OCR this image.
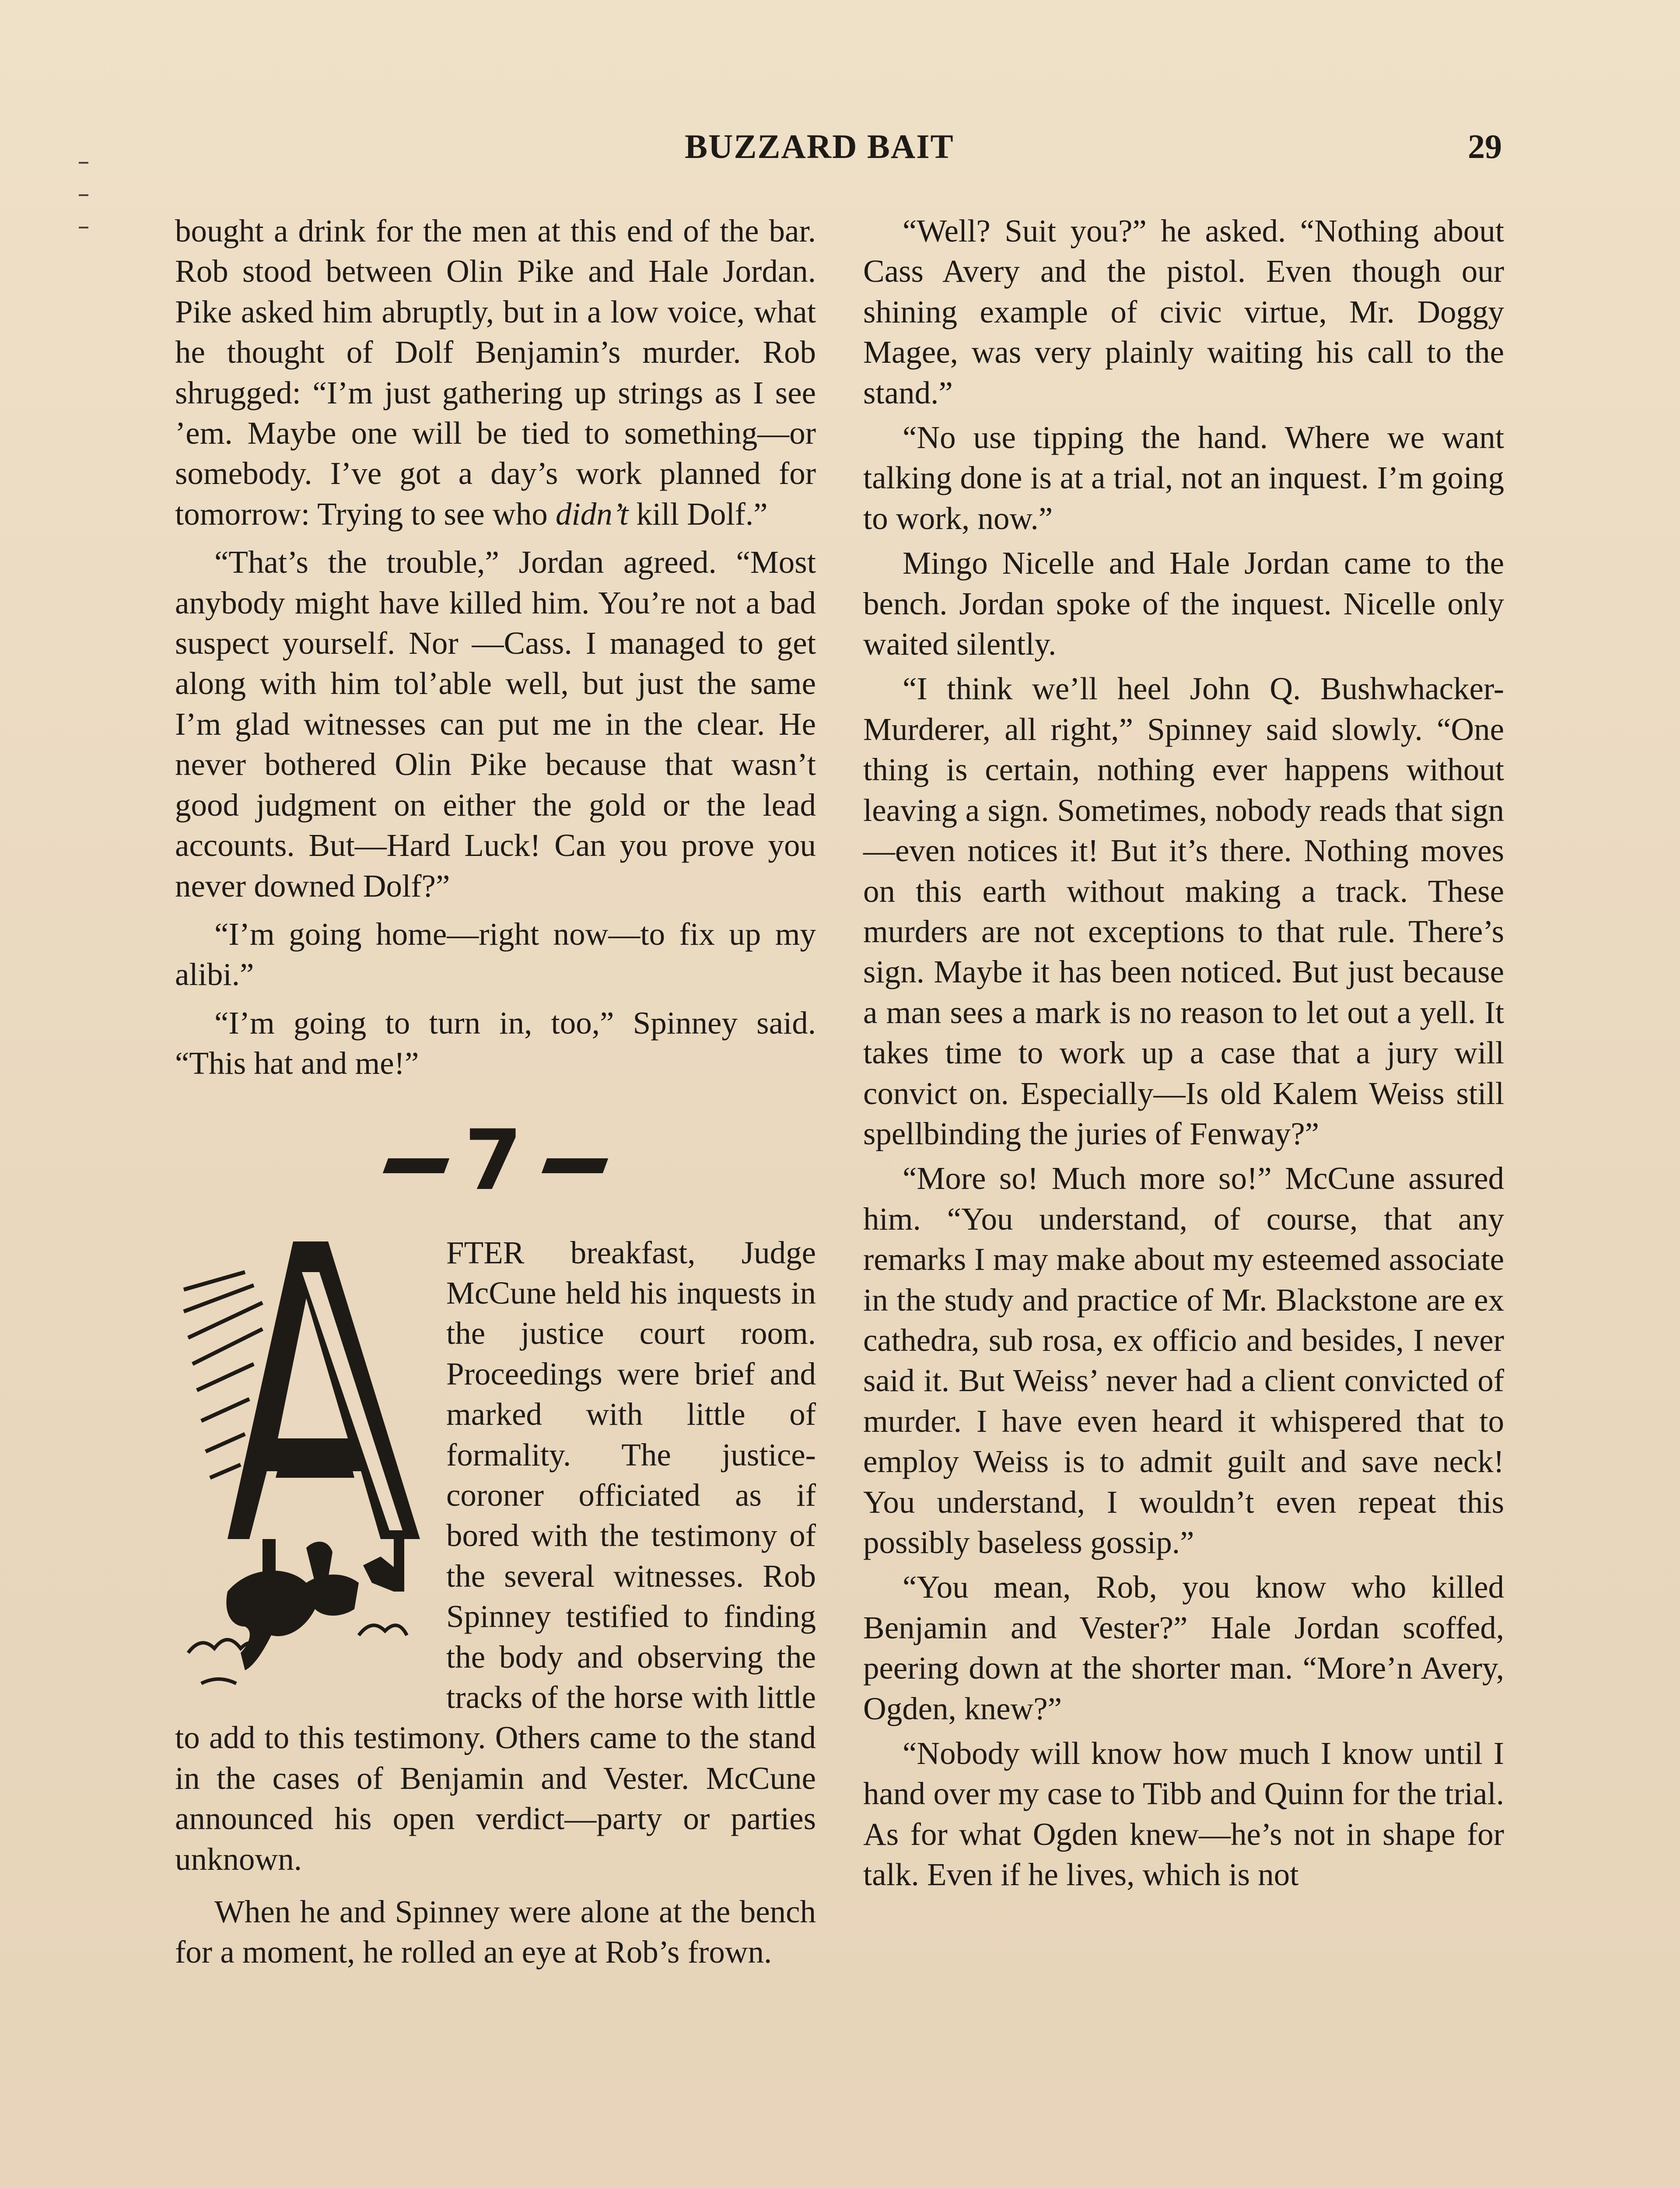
BUZZARD BAIT	29

bought a drink for the men at this end of the bar. Rob stood between Olin Pike and Hale Jordan. Pike asked him abruptly, but in a low voice, what he thought of Dolf Benjamin’s murder. Rob shrugged: “I’m just gathering up strings as I see ’em. Maybe one will be tied to something—or somebody. I’ve got a day’s work planned for tomorrow: Trying to see who didn’t kill Dolf.”

“That’s the trouble,” Jordan agreed. “Most anybody might have killed him. You’re not a bad suspect yourself. Nor —Cass. I managed to get along with him tol’able well, but just the same I’m glad witnesses can put me in the clear. He never bothered Olin Pike because that wasn’t good judgment on either the gold or the lead accounts. But—Hard Luck! Can you prove you never downed Dolf?”

“I’m going home—right now—to fix up my alibi.”

“I’m going to turn in, too,” Spinney said. “This hat and me!”

7

FTER breakfast, Judge McCune held his inquests in the justice court room. Proceedings were brief and marked with little of formality. The justice-coroner officiated as if bored with the testimony of the several witnesses. Rob Spinney testified to finding the body and observing the tracks of the horse with little to add to this testimony. Others came to the stand in the cases of Benjamin and Vester. McCune announced his open verdict—party or parties unknown.

When he and Spinney were alone at the bench for a moment, he rolled an eye at Rob’s frown.

“Well? Suit you?” he asked. “Nothing about Cass Avery and the pistol. Even though our shining example of civic virtue, Mr. Doggy Magee, was very plainly waiting his call to the stand.”

“No use tipping the hand. Where we want talking done is at a trial, not an inquest. I’m going to work, now.”

Mingo Nicelle and Hale Jordan came to the bench. Jordan spoke of the inquest. Nicelle only waited silently.

“I think we’ll heel John Q. Bushwhacker-Murderer, all right,” Spinney said slowly. “One thing is certain, nothing ever happens without leaving a sign. Sometimes, nobody reads that sign—even notices it! But it’s there. Nothing moves on this earth without making a track. These murders are not exceptions to that rule. There’s sign. Maybe it has been noticed. But just because a man sees a mark is no reason to let out a yell. It takes time to work up a case that a jury will convict on. Especially—Is old Kalem Weiss still spellbinding the juries of Fenway?”

“More so! Much more so!” McCune assured him. “You understand, of course, that any remarks I may make about my esteemed associate in the study and practice of Mr. Blackstone are ex cathedra, sub rosa, ex officio and besides, I never said it. But Weiss’ never had a client convicted of murder. I have even heard it whispered that to employ Weiss is to admit guilt and save neck! You understand, I wouldn’t even repeat this possibly baseless gossip.”

“You mean, Rob, you know who killed Benjamin and Vester?” Hale Jordan scoffed, peering down at the shorter man. “More’n Avery, Ogden, knew?”

“Nobody will know how much I know until I hand over my case to Tibb and Quinn for the trial. As for what Ogden knew—he’s not in shape for talk. Even if he lives, which is not
